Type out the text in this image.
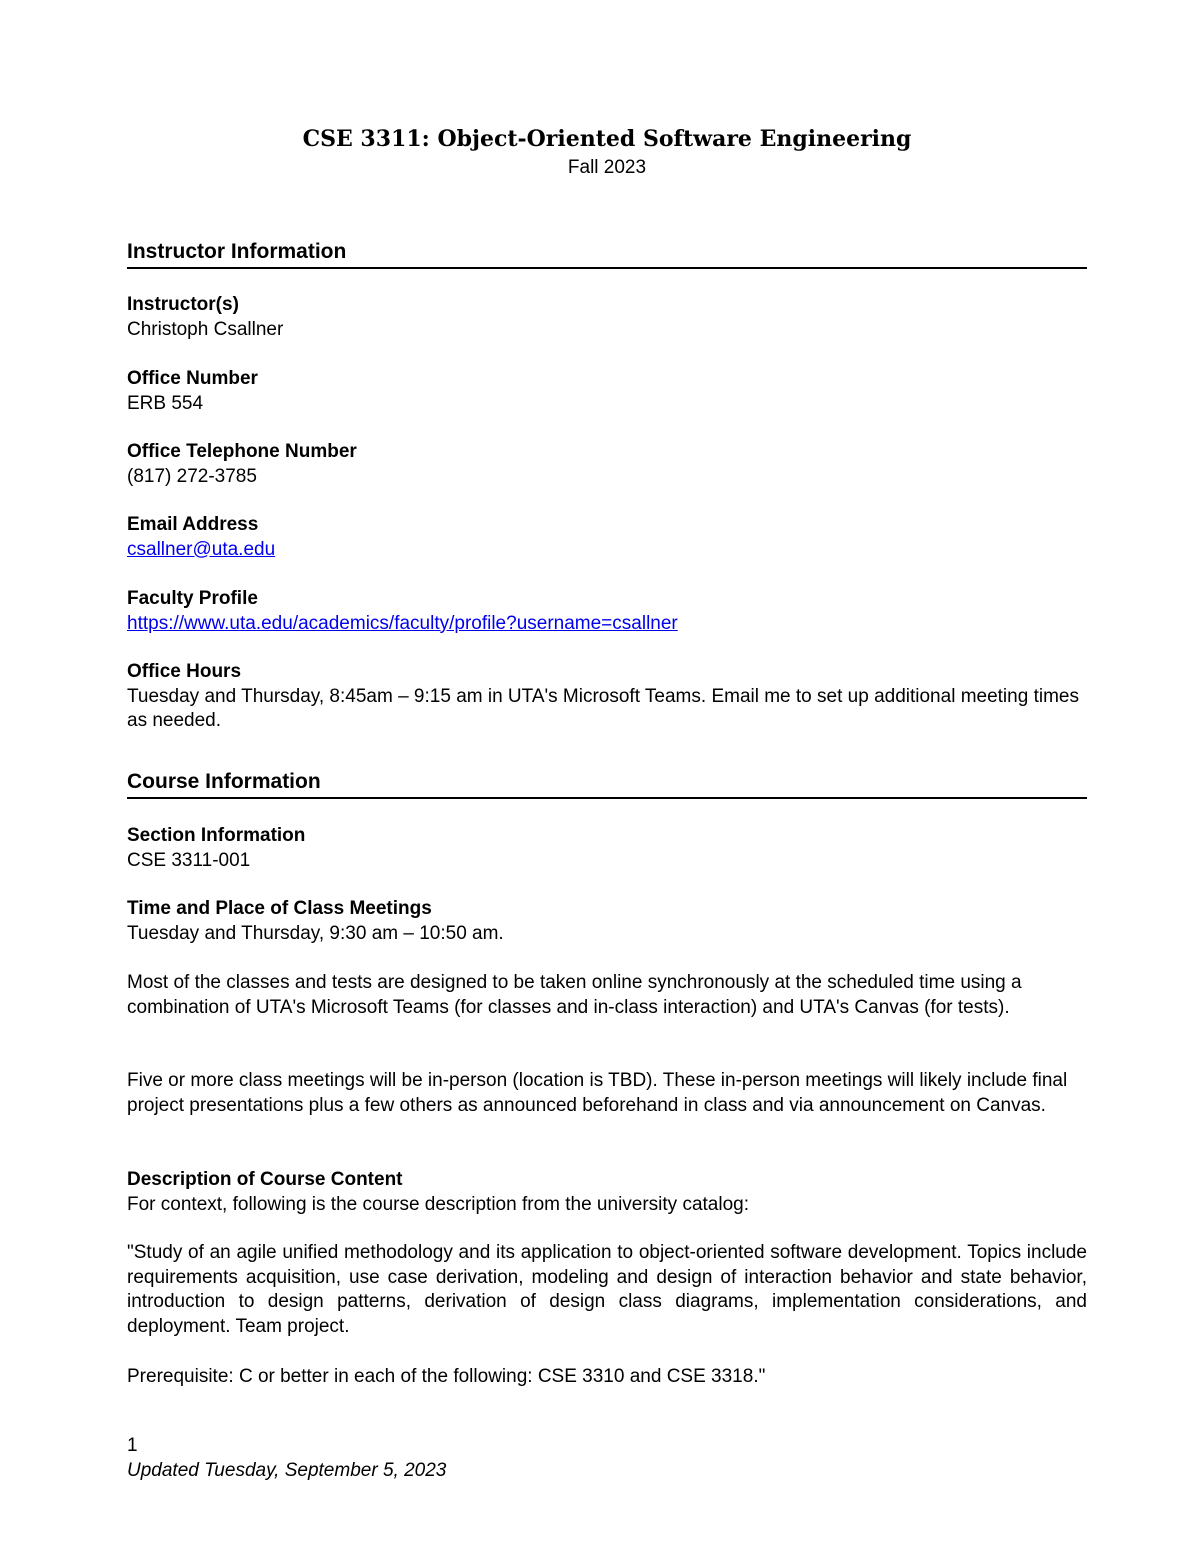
CSE 3311: Object-Oriented Software Engineering
Fall 2023
Instructor Information
Instructor(s)
Christoph Csallner
Office Number
ERB 554
Office Telephone Number
(817) 272-3785
Email Address
csallner@uta.edu
Faculty Profile
https://www.uta.edu/academics/faculty/profile?username=csallner
Office Hours
Tuesday and Thursday, 8:45am – 9:15 am in UTA's Microsoft Teams. Email me to set up additional meeting times as needed.
Course Information
Section Information
CSE 3311-001
Time and Place of Class Meetings
Tuesday and Thursday, 9:30 am – 10:50 am.
Most of the classes and tests are designed to be taken online synchronously at the scheduled time using a combination of UTA's Microsoft Teams (for classes and in-class interaction) and UTA's Canvas (for tests).
Five or more class meetings will be in-person (location is TBD). These in-person meetings will likely include final project presentations plus a few others as announced beforehand in class and via announcement on Canvas.
Description of Course Content
For context, following is the course description from the university catalog:
"Study of an agile unified methodology and its application to object-oriented software development. Topics include requirements acquisition, use case derivation, modeling and design of interaction behavior and state behavior, introduction to design patterns, derivation of design class diagrams, implementation considerations, and deployment. Team project.
Prerequisite: C or better in each of the following: CSE 3310 and CSE 3318."
1
Updated Tuesday, September 5, 2023
